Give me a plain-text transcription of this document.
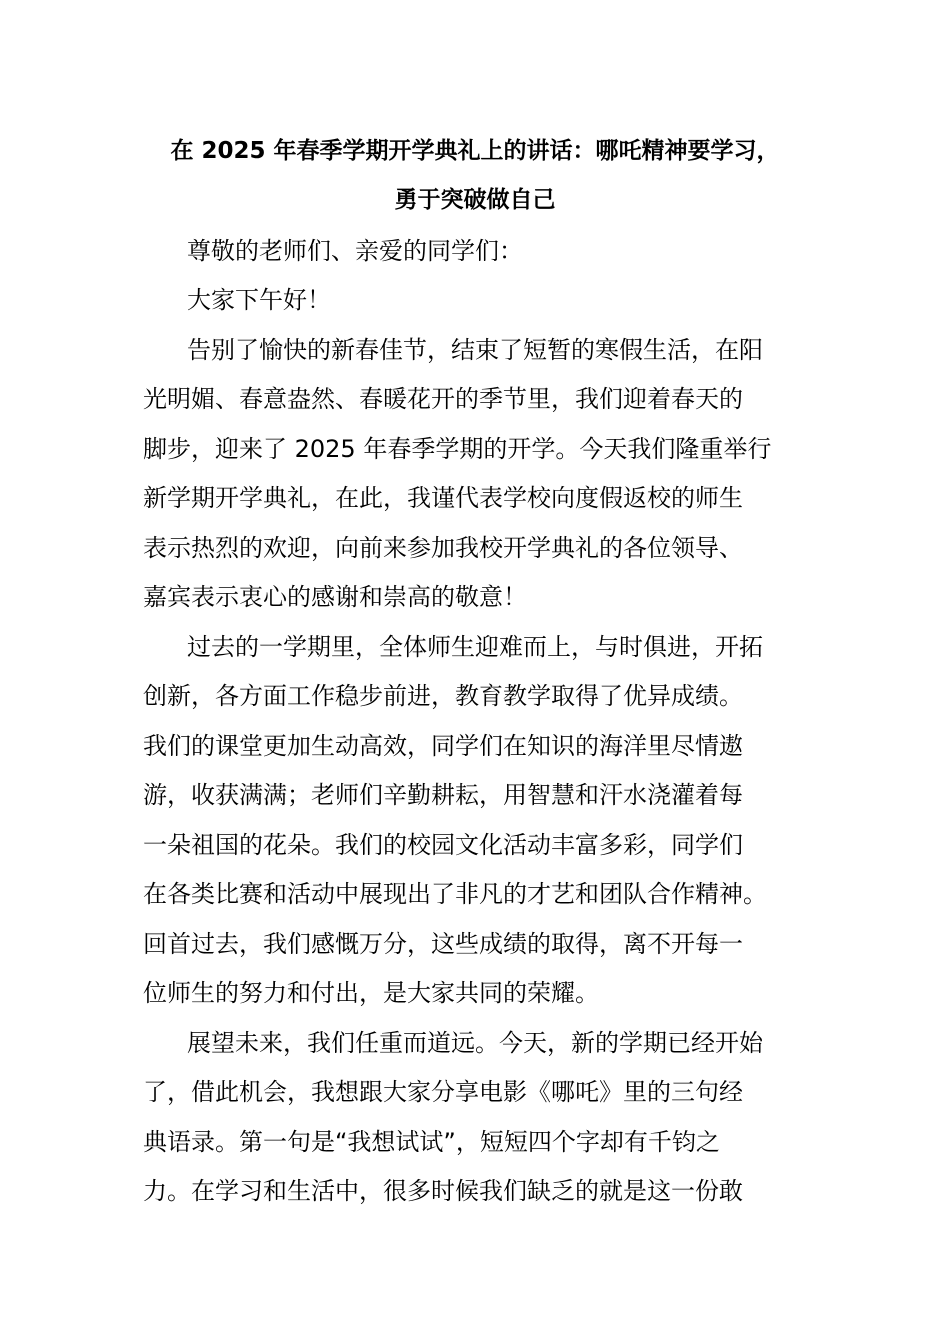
在 2025 年春季学期开学典礼上的讲话：哪吒精神要学习，
勇于突破做自己
尊敬的老师们、亲爱的同学们：
大家下午好！
告别了愉快的新春佳节，结束了短暂的寒假生活，在阳
光明媚、春意盎然、春暖花开的季节里，我们迎着春天的
脚步，迎来了 2025 年春季学期的开学。今天我们隆重举行
新学期开学典礼，在此，我谨代表学校向度假返校的师生
表示热烈的欢迎，向前来参加我校开学典礼的各位领导、
嘉宾表示衷心的感谢和崇高的敬意！
过去的一学期里，全体师生迎难而上，与时俱进，开拓
创新，各方面工作稳步前进，教育教学取得了优异成绩。
我们的课堂更加生动高效，同学们在知识的海洋里尽情遨
游，收获满满；老师们辛勤耕耘，用智慧和汗水浇灌着每
一朵祖国的花朵。我们的校园文化活动丰富多彩，同学们
在各类比赛和活动中展现出了非凡的才艺和团队合作精神。
回首过去，我们感慨万分，这些成绩的取得，离不开每一
位师生的努力和付出，是大家共同的荣耀。
展望未来，我们任重而道远。今天，新的学期已经开始
了，借此机会，我想跟大家分享电影《哪吒》里的三句经
典语录。第一句是“我想试试”，短短四个字却有千钧之
力。在学习和生活中，很多时候我们缺乏的就是这一份敢
